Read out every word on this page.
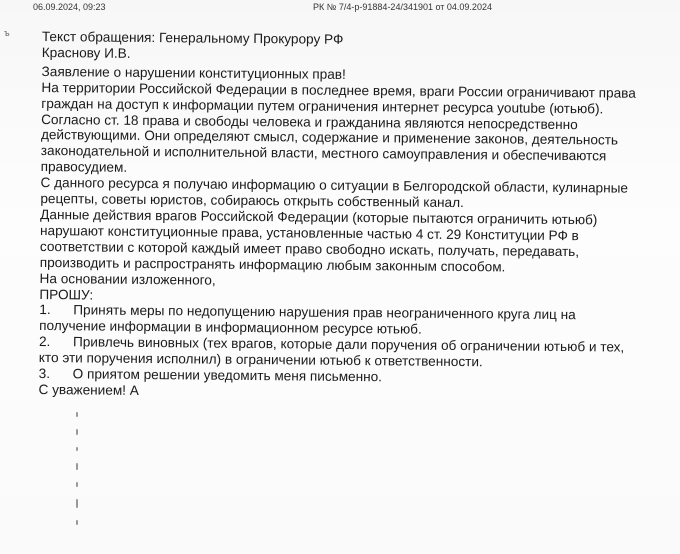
06.09.2024, 09:23	РК № 7/4-р-91884-24/341901 от 04.09.2024
ъ Текст обращения: Генеральному Прокурору РФ
Краснову И.В.
Заявление о нарушении конституционных прав!
На территории Российской Федерации в последнее время, враги России ограничивают права
граждан на доступ к информации путем ограничения интернет ресурса youtube (ютьюб).
Согласно ст. 18 права и свободы человека и гражданина являются непосредственно
действующими. Они определяют смысл, содержание и применение законов, деятельность
законодательной и исполнительной власти, местного самоуправления и обеспечиваются
правосудием.
С данного ресурса я получаю информацию о ситуации в Белгородской области, кулинарные
рецепты, советы юристов, собираюсь открыть собственный канал.
Данные действия врагов Российской Федерации (которые пытаются ограничить ютьюб)
нарушают конституционные права, установленные частью 4 ст. 29 Конституции РФ в
соответствии с которой каждый имеет право свободно искать, получать, передавать,
производить и распространять информацию любым законным способом.
На основании изложенного,
ПРОШУ:
1. Принять меры по недопущению нарушения прав неограниченного круга лиц на
получение информации в информационном ресурсе ютьюб.
2. Привлечь виновных (тех врагов, которые дали поручения об ограничении ютьюб и тех,
кто эти поручения исполнил) в ограничении ютьюб к ответственности.
3. О приятом решении уведомить меня письменно.
С уважением! А
